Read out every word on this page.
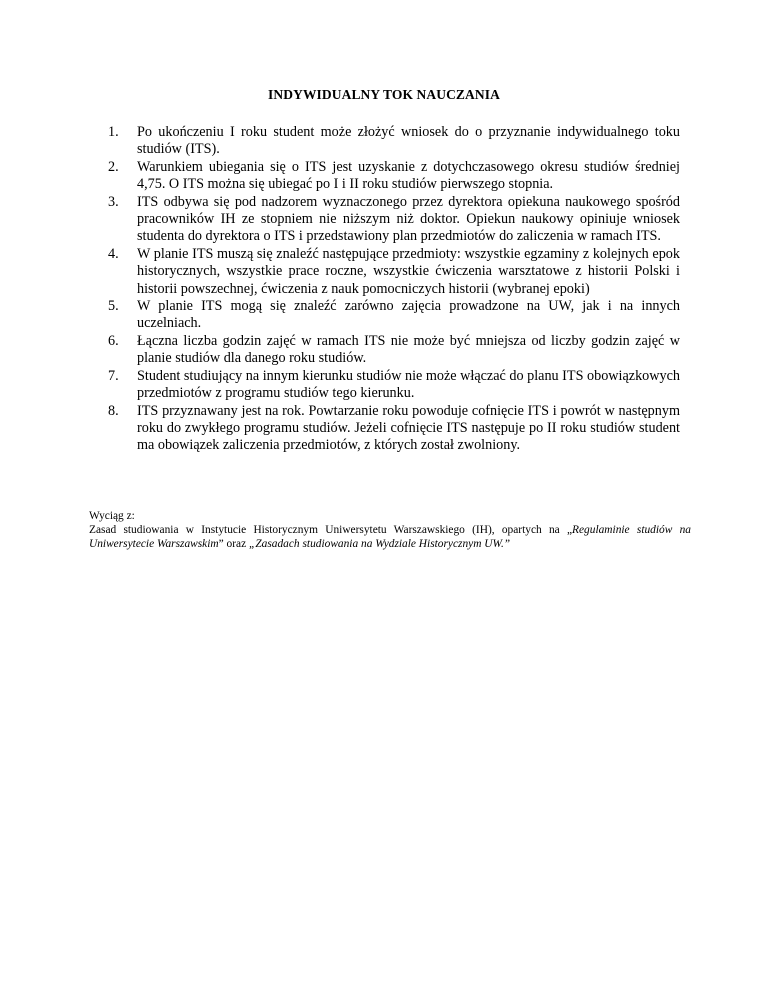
INDYWIDUALNY TOK NAUCZANIA
1. Po ukończeniu I roku student może złożyć wniosek do o przyznanie indywidualnego toku studiów (ITS).
2. Warunkiem ubiegania się o ITS jest uzyskanie z dotychczasowego okresu studiów średniej 4,75. O ITS można się ubiegać po I i II roku studiów pierwszego stopnia.
3. ITS odbywa się pod nadzorem wyznaczonego przez dyrektora opiekuna naukowego spośród pracowników IH ze stopniem nie niższym niż doktor. Opiekun naukowy opiniuje wniosek studenta do dyrektora o ITS i przedstawiony plan przedmiotów do zaliczenia w ramach ITS.
4. W planie ITS muszą się znaleźć następujące przedmioty: wszystkie egzaminy z kolejnych epok historycznych, wszystkie prace roczne, wszystkie ćwiczenia warsztatowe z historii Polski i historii powszechnej, ćwiczenia z nauk pomocniczych historii (wybranej epoki)
5. W planie ITS mogą się znaleźć zarówno zajęcia prowadzone na UW, jak i na innych uczelniach.
6. Łączna liczba godzin zajęć w ramach ITS nie może być mniejsza od liczby godzin zajęć w planie studiów dla danego roku studiów.
7. Student studiujący na innym kierunku studiów nie może włączać do planu ITS obowiązkowych przedmiotów z programu studiów tego kierunku.
8. ITS przyznawany jest na rok. Powtarzanie roku powoduje cofnięcie ITS i powrót w następnym roku do zwykłego programu studiów. Jeżeli cofnięcie ITS następuje po II roku studiów student ma obowiązek zaliczenia przedmiotów, z których został zwolniony.

Wyciąg z:

Zasad studiowania w Instytucie Historycznym Uniwersytetu Warszawskiego (IH), opartych na „Regulaminie studiów na Uniwersytecie Warszawskim” oraz „Zasadach studiowania na Wydziale Historycznym UW.”
